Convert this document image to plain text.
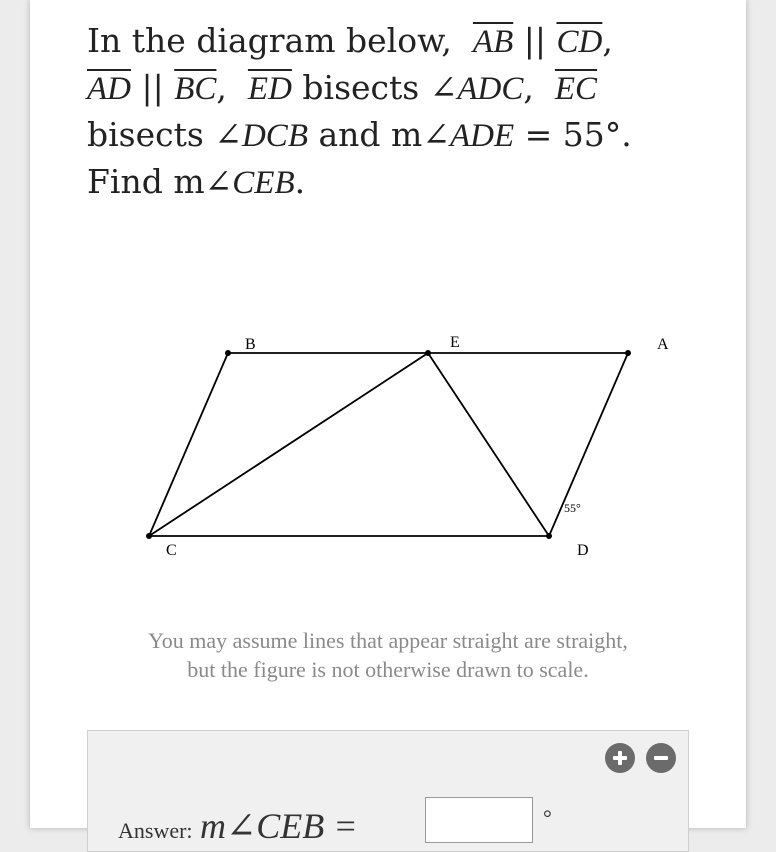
In the diagram below, $\overline{AB}$ || $\overline{CD}$,
$\overline{AD}$ || $\overline{BC}$,  $\overline{ED}$ bisects ∠ADC,  $\overline{EC}$
bisects ∠DCB and m∠ADE = 55°.
Find m∠CEB.
B	E	A
C	D
55°
You may assume lines that appear straight are straight,
but the figure is not otherwise drawn to scale.
Answer: m∠CEB =	°
